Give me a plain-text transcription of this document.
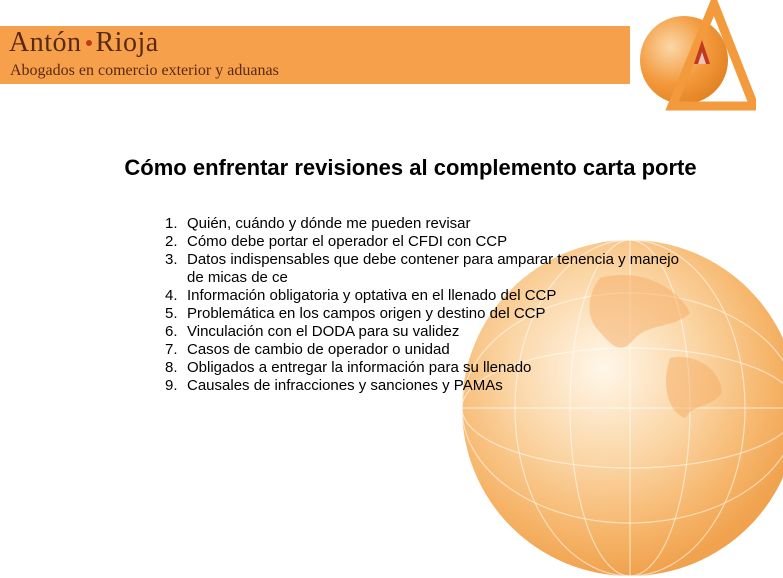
Antón Rioja
Abogados en comercio exterior y aduanas
Cómo enfrentar revisiones al complemento carta porte
1. Quién, cuándo y dónde me pueden revisar
2. Cómo debe portar el operador el CFDI con CCP
3. Datos indispensables que debe contener para amparar tenencia y manejo de micas de ce
4. Información obligatoria y optativa en el llenado del CCP
5. Problemática en los campos origen y destino del CCP
6. Vinculación con el DODA para su validez
7. Casos de cambio de operador o unidad
8. Obligados a entregar la información para su llenado
9. Causales de infracciones y sanciones y PAMAs
